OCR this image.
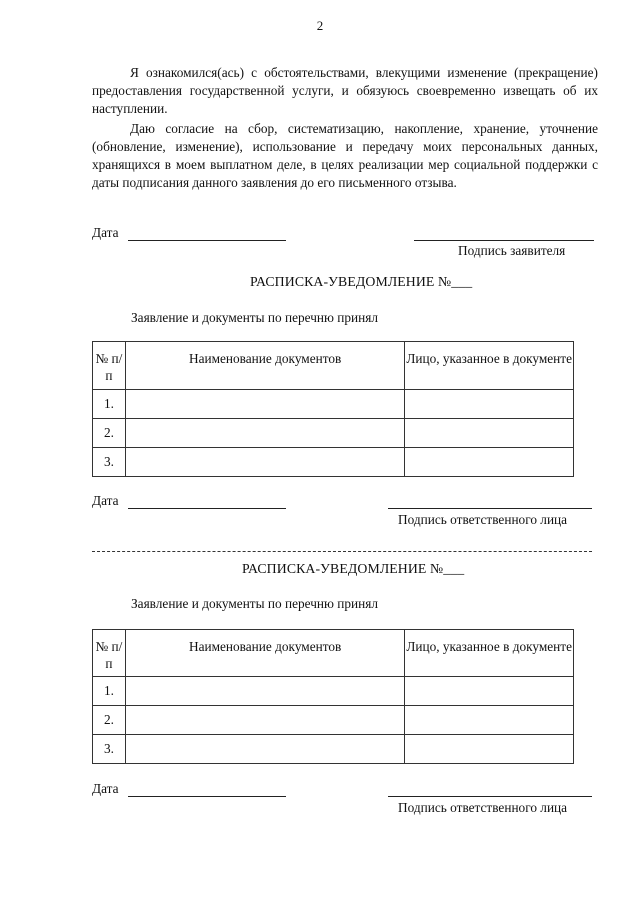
2
Я ознакомился(ась) с обстоятельствами, влекущими изменение (прекращение) предоставления государственной услуги, и обязуюсь своевременно извещать об их наступлении.
Даю согласие на сбор, систематизацию, накопление, хранение, уточнение (обновление, изменение), использование и передачу моих персональных данных, хранящихся в моем выплатном деле, в целях реализации мер социальной поддержки с даты подписания данного заявления до его письменного отзыва.
Дата
Подпись заявителя
РАСПИСКА-УВЕДОМЛЕНИЕ №___
Заявление и документы по перечню принял
№ п/п	Наименование документов	Лицо, указанное в документе
1.		
2.		
3.		
Дата
Подпись ответственного лица
РАСПИСКА-УВЕДОМЛЕНИЕ №___
Заявление и документы по перечню принял
№ п/п	Наименование документов	Лицо, указанное в документе
1.		
2.		
3.		
Дата
Подпись ответственного лица
